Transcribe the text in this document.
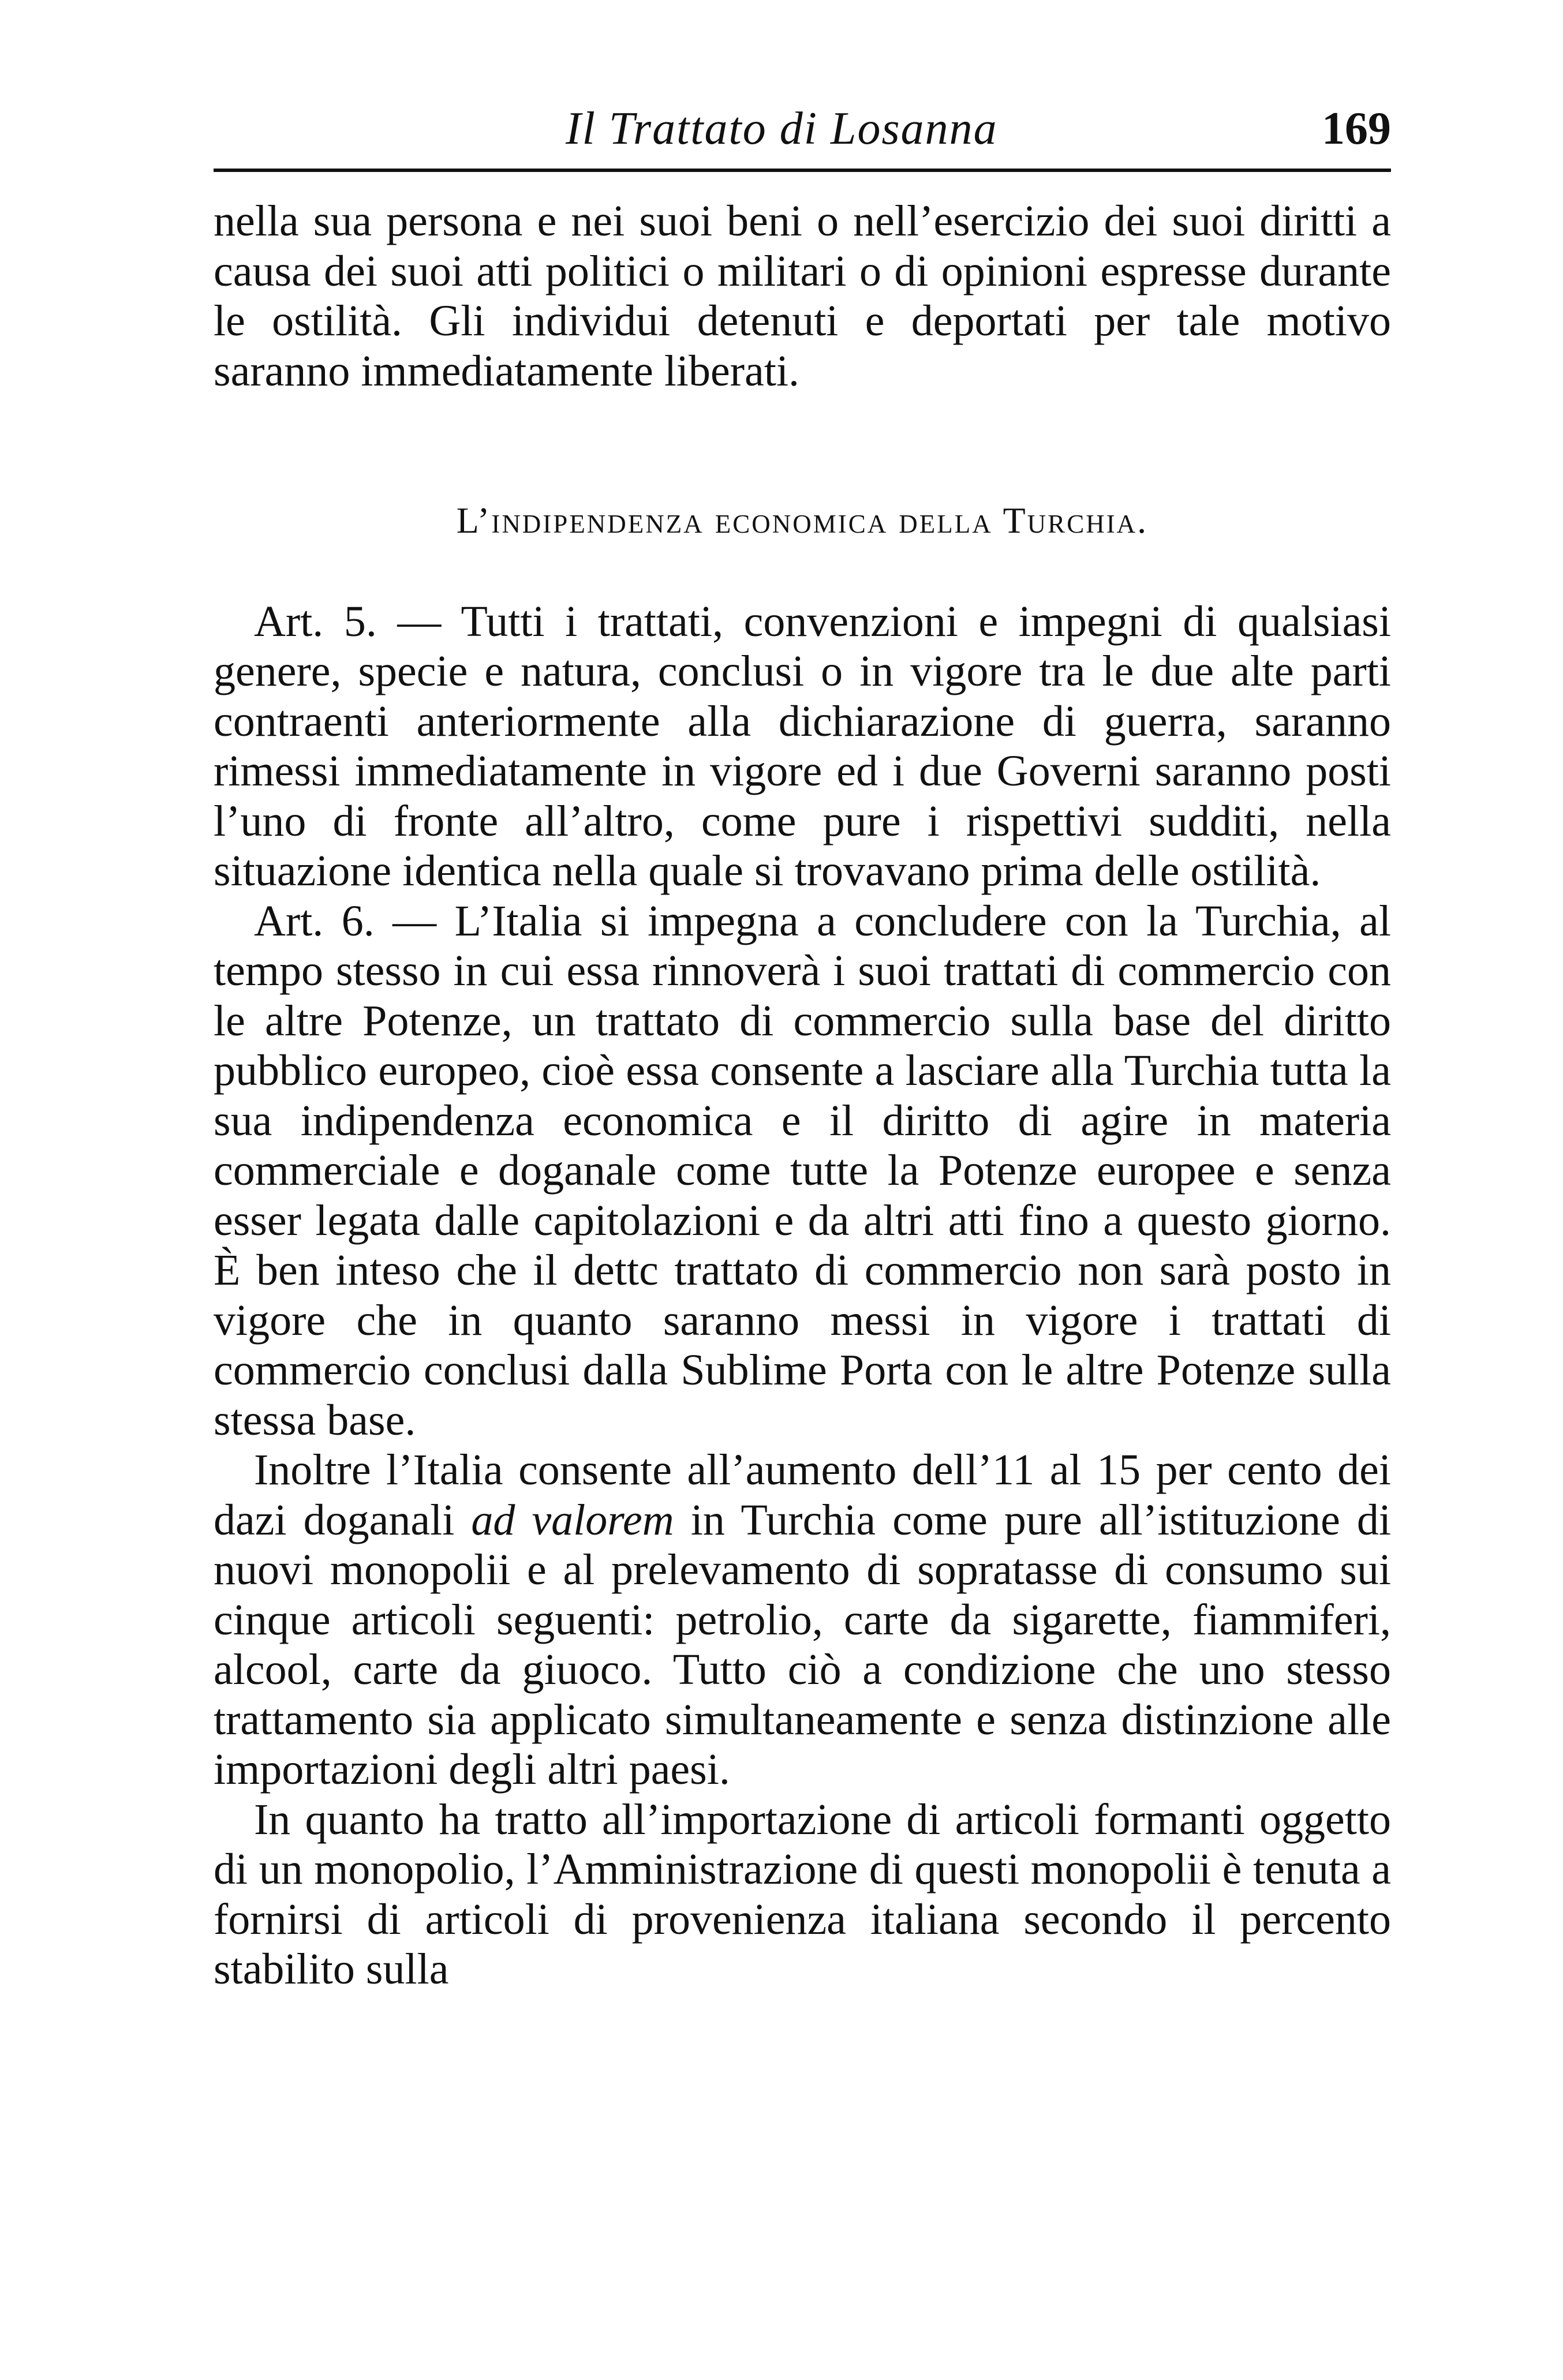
Il Trattato di Losanna	169

nella sua persona e nei suoi beni o nell’esercizio dei suoi diritti a causa dei suoi atti politici o militari o di opinioni espresse durante le ostilità. Gli individui detenuti e deportati per tale motivo saranno immediatamente liberati.

L’indipendenza economica della Turchia.

Art. 5. — Tutti i trattati, convenzioni e impegni di qualsiasi genere, specie e natura, conclusi o in vigore tra le due alte parti contraenti anteriormente alla dichiarazione di guerra, saranno rimessi immediatamente in vigore ed i due Governi saranno posti l’uno di fronte all’altro, come pure i rispettivi sudditi, nella situazione identica nella quale si trovavano prima delle ostilità.

Art. 6. — L’Italia si impegna a concludere con la Turchia, al tempo stesso in cui essa rinnoverà i suoi trattati di commercio con le altre Potenze, un trattato di commercio sulla base del diritto pubblico europeo, cioè essa consente a lasciare alla Turchia tutta la sua indipendenza economica e il diritto di agire in materia commerciale e doganale come tutte la Potenze europee e senza esser legata dalle capitolazioni e da altri atti fino a questo giorno. È ben inteso che il dettc trattato di commercio non sarà posto in vigore che in quanto saranno messi in vigore i trattati di commercio conclusi dalla Sublime Porta con le altre Potenze sulla stessa base.

Inoltre l’Italia consente all’aumento dell’11 al 15 per cento dei dazi doganali ad valorem in Turchia come pure all’istituzione di nuovi monopolii e al prelevamento di sopratasse di consumo sui cinque articoli seguenti: petrolio, carte da sigarette, fiammiferi, alcool, carte da giuoco. Tutto ciò a condizione che uno stesso trattamento sia applicato simultaneamente e senza distinzione alle importazioni degli altri paesi.

In quanto ha tratto all’importazione di articoli formanti oggetto di un monopolio, l’Amministrazione di questi monopolii è tenuta a fornirsi di articoli di provenienza italiana secondo il percento stabilito sulla
